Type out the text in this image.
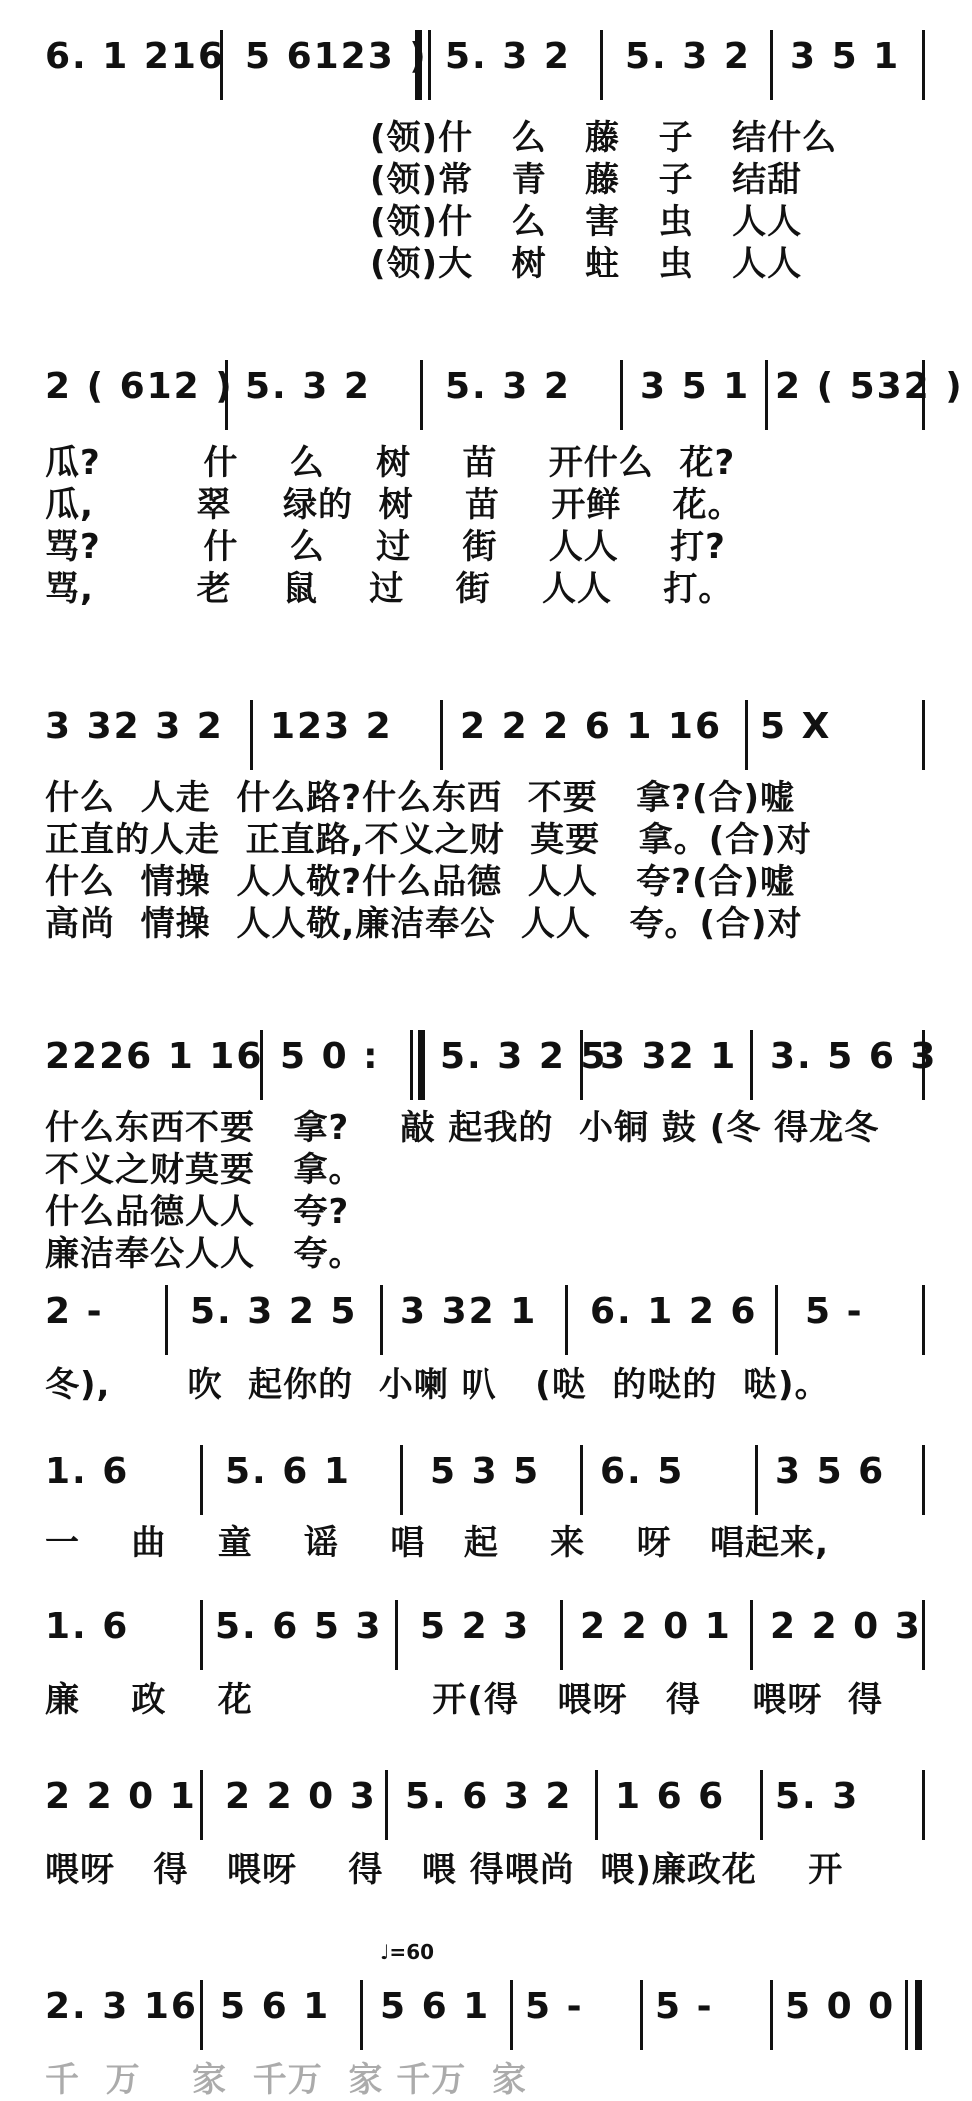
6. 1 216 5 6123 ) 5. 3 2 5. 3 2 3 5 1
(领)什   么   藤   子   结什么
(领)常   青   藤   子   结甜
(领)什   么   害   虫   人人
(领)大   树   蛀   虫   人人
2 ( 612 ) 5. 3 2 5. 3 2 3 5 1 2 ( 532 )
瓜?        什    么    树    苗    开什么  花?
瓜,        翠    绿的  树    苗    开鲜    花。
骂?        什    么    过    街    人人    打?
骂,        老    鼠    过    街    人人    打。
3 32 3 2 123 2 2 2 2 6 1 16 5 X
什么  人走  什么路?什么东西  不要   拿?(合)嘘
正直的人走  正直路,不义之财  莫要   拿。(合)对
什么  情操  人人敬?什么品德  人人   夸?(合)嘘
高尚  情操  人人敬,廉洁奉公  人人   夸。(合)对
2226 1 16 5 0 : 5. 3 2 5
3 32 1 3. 5 6 3
什么东西不要   拿?    敲 起我的  小铜 鼓 (冬 得龙冬
不义之财莫要   拿。
什么品德人人   夸?
廉洁奉公人人   夸。
2 - 5. 3 2 5 3 32 1 6. 1 2 6 5 -
冬),      吹  起你的  小喇 叭   (哒  的哒的  哒)。
1. 6	5. 6 1 5 3 5 6. 5	3 5 6
一    曲    童    谣    唱   起    来    呀   唱起来,
1. 6 5. 6 5 3 5 2 3 2 2 0 1 2 2 0 3
廉    政    花              开(得   喂呀   得    喂呀  得
2 2 0 1 2 2 0 3 5. 6 3 2 1 6 6 5. 3
喂呀   得   喂呀    得   喂 得喂尚  喂)廉政花    开
♩=60
2. 3 16 5 6 1 5 6 1 5 - 5 - 5 0 0
千  万    家  千万  家 千万  家
